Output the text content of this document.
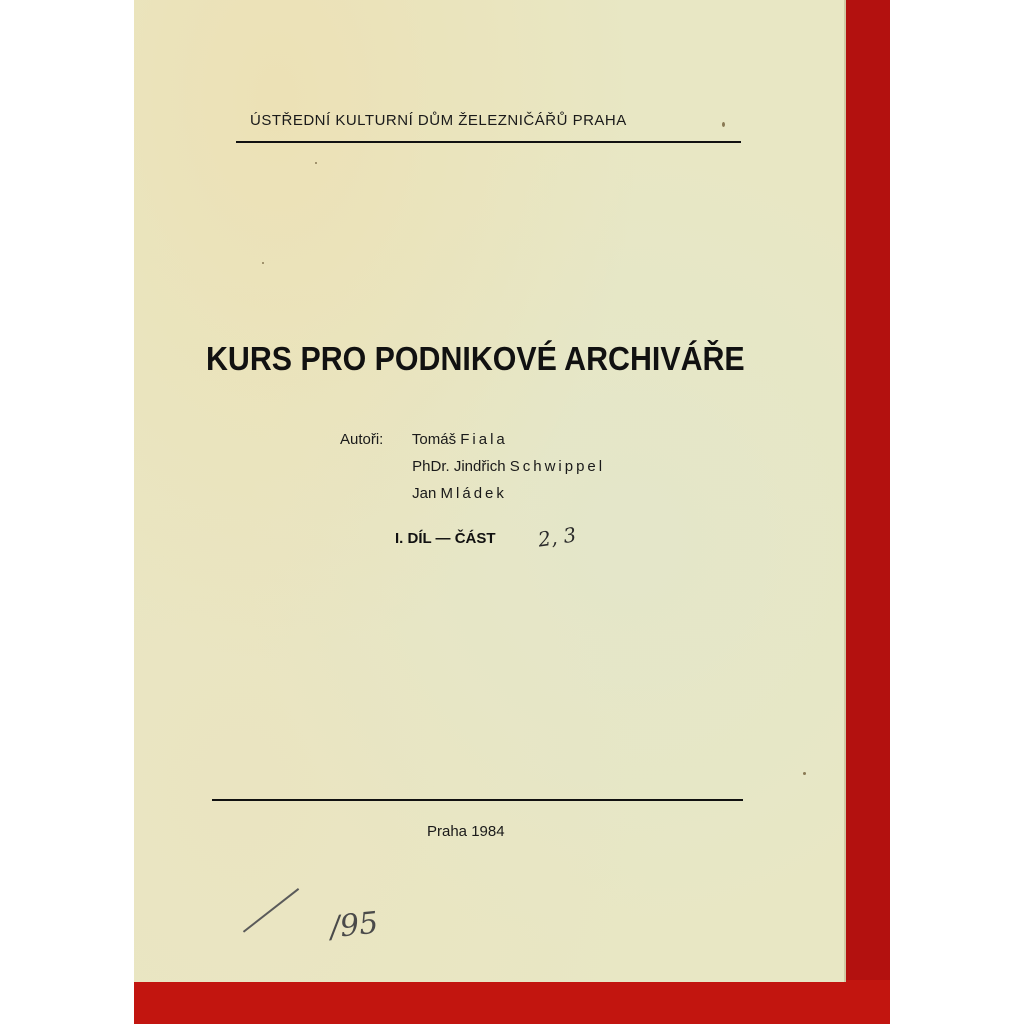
ÚSTŘEDNÍ KULTURNÍ DŮM ŽELEZNIČÁŘŮ PRAHA
KURS PRO PODNIKOVÉ ARCHIVÁŘE
Autoři: Tomáš Fiala
PhDr. Jindřich Schwippel
Jan Mládek
I. DÍL — ČÁST 2, 3
Praha 1984
/95
